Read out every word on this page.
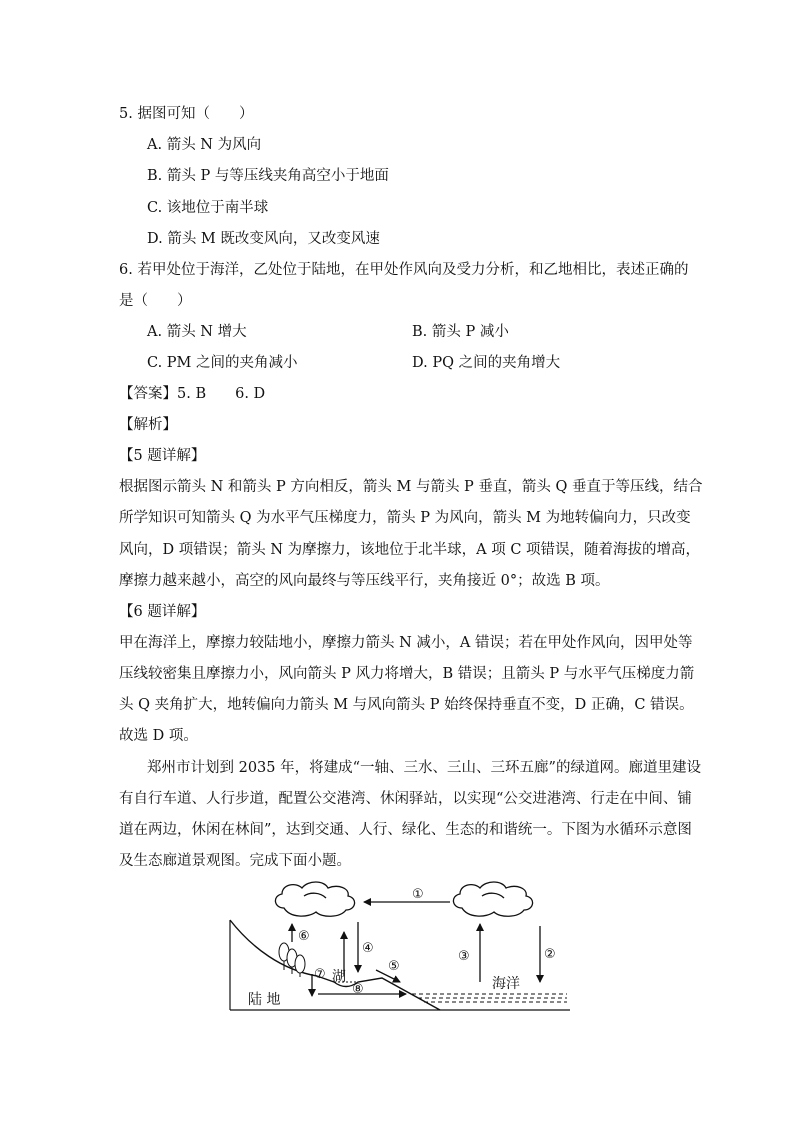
5. 据图可知（　　）
A. 箭头 N 为风向
B. 箭头 P 与等压线夹角高空小于地面
C. 该地位于南半球
D. 箭头 M 既改变风向，又改变风速
6. 若甲处位于海洋，乙处位于陆地，在甲处作风向及受力分析，和乙地相比，表述正确的
是（　　）
A. 箭头 N 增大	B. 箭头 P 减小
C. PM 之间的夹角减小	D. PQ 之间的夹角增大
【答案】5. B　　6. D
【解析】
【5 题详解】
根据图示箭头 N 和箭头 P 方向相反，箭头 M 与箭头 P 垂直，箭头 Q 垂直于等压线，结合
所学知识可知箭头 Q 为水平气压梯度力，箭头 P 为风向，箭头 M 为地转偏向力，只改变
风向，D 项错误；箭头 N 为摩擦力，该地位于北半球，A 项 C 项错误，随着海拔的增高，
摩擦力越来越小，高空的风向最终与等压线平行，夹角接近 0°；故选 B 项。
【6 题详解】
甲在海洋上，摩擦力较陆地小，摩擦力箭头 N 减小，A 错误；若在甲处作风向，因甲处等
压线较密集且摩擦力小，风向箭头 P 风力将增大，B 错误；且箭头 P 与水平气压梯度力箭
头 Q 夹角扩大，地转偏向力箭头 M 与风向箭头 P 始终保持垂直不变，D 正确，C 错误。
故选 D 项。
郑州市计划到 2035 年，将建成“一轴、三水、三山、三环五廊”的绿道网。廊道里建设
有自行车道、人行步道，配置公交港湾、休闲驿站，以实现“公交进港湾、行走在中间、铺
道在两边，休闲在林间”，达到交通、人行、绿化、生态的和谐统一。下图为水循环示意图
及生态廊道景观图。完成下面小题。
①
②
③
④
⑤
⑥
⑦
⑧
湖
陆 地
海洋
